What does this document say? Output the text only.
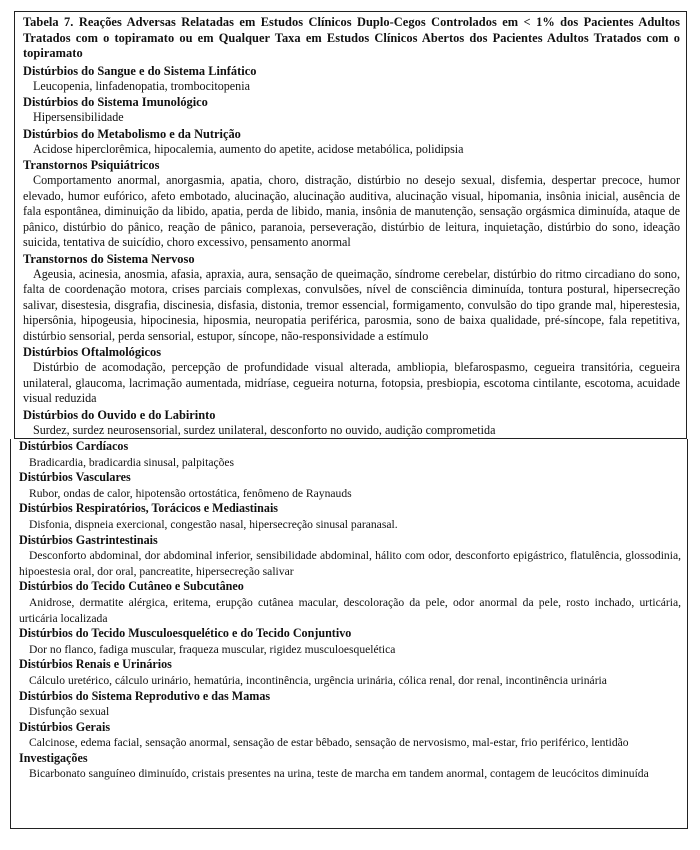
Tabela 7. Reações Adversas Relatadas em Estudos Clínicos Duplo-Cegos Controlados em < 1% dos Pacientes Adultos Tratados com o topiramato ou em Qualquer Taxa em Estudos Clínicos Abertos dos Pacientes Adultos Tratados com o topiramato

Distúrbios do Sangue e do Sistema Linfático

Leucopenia, linfadenopatia, trombocitopenia

Distúrbios do Sistema Imunológico

Hipersensibilidade

Distúrbios do Metabolismo e da Nutrição

Acidose hiperclorêmica, hipocalemia, aumento do apetite, acidose metabólica, polidipsia

Transtornos Psiquiátricos

Comportamento anormal, anorgasmia, apatia, choro, distração, distúrbio no desejo sexual, disfemia, despertar precoce, humor elevado, humor eufórico, afeto embotado, alucinação, alucinação auditiva, alucinação visual, hipomania, insônia inicial, ausência de fala espontânea, diminuição da libido, apatia, perda de libido, mania, insônia de manutenção, sensação orgásmica diminuída, ataque de pânico, distúrbio do pânico, reação de pânico, paranoia, perseveração, distúrbio de leitura, inquietação, distúrbio do sono, ideação suicida, tentativa de suicídio, choro excessivo, pensamento anormal

Transtornos do Sistema Nervoso

Ageusia, acinesia, anosmia, afasia, apraxia, aura, sensação de queimação, síndrome cerebelar, distúrbio do ritmo circadiano do sono, falta de coordenação motora, crises parciais complexas, convulsões, nível de consciência diminuída, tontura postural, hipersecreção salivar, disestesia, disgrafia, discinesia, disfasia, distonia, tremor essencial, formigamento, convulsão do tipo grande mal, hiperestesia, hipersônia, hipogeusia, hipocinesia, hiposmia, neuropatia periférica, parosmia, sono de baixa qualidade, pré-síncope, fala repetitiva, distúrbio sensorial, perda sensorial, estupor, síncope, não-responsividade a estímulo

Distúrbios Oftalmológicos

Distúrbio de acomodação, percepção de profundidade visual alterada, ambliopia, blefarospasmo, cegueira transitória, cegueira unilateral, glaucoma, lacrimação aumentada, midríase, cegueira noturna, fotopsia, presbiopia, escotoma cintilante, escotoma, acuidade visual reduzida

Distúrbios do Ouvido e do Labirinto

Surdez, surdez neurosensorial, surdez unilateral, desconforto no ouvido, audição comprometida

Distúrbios Cardíacos

Bradicardia, bradicardia sinusal, palpitações

Distúrbios Vasculares

Rubor, ondas de calor, hipotensão ortostática, fenômeno de Raynauds

Distúrbios Respiratórios, Torácicos e Mediastinais

Disfonia, dispneia exercional, congestão nasal, hipersecreção sinusal paranasal.

Distúrbios Gastrintestinais

Desconforto abdominal, dor abdominal inferior, sensibilidade abdominal, hálito com odor, desconforto epigástrico, flatulência, glossodinia, hipoestesia oral, dor oral, pancreatite, hipersecreção salivar

Distúrbios do Tecido Cutâneo e Subcutâneo

Anidrose, dermatite alérgica, eritema, erupção cutânea macular, descoloração da pele, odor anormal da pele, rosto inchado, urticária, urticária localizada

Distúrbios do Tecido Musculoesquelético e do Tecido Conjuntivo

Dor no flanco, fadiga muscular, fraqueza muscular, rigidez musculoesquelética

Distúrbios Renais e Urinários

Cálculo uretérico, cálculo urinário, hematúria, incontinência, urgência urinária, cólica renal, dor renal, incontinência urinária

Distúrbios do Sistema Reprodutivo e das Mamas

Disfunção sexual

Distúrbios Gerais

Calcinose, edema facial, sensação anormal, sensação de estar bêbado, sensação de nervosismo, mal-estar, frio periférico, lentidão

Investigações

Bicarbonato sanguíneo diminuído, cristais presentes na urina, teste de marcha em tandem anormal, contagem de leucócitos diminuída
